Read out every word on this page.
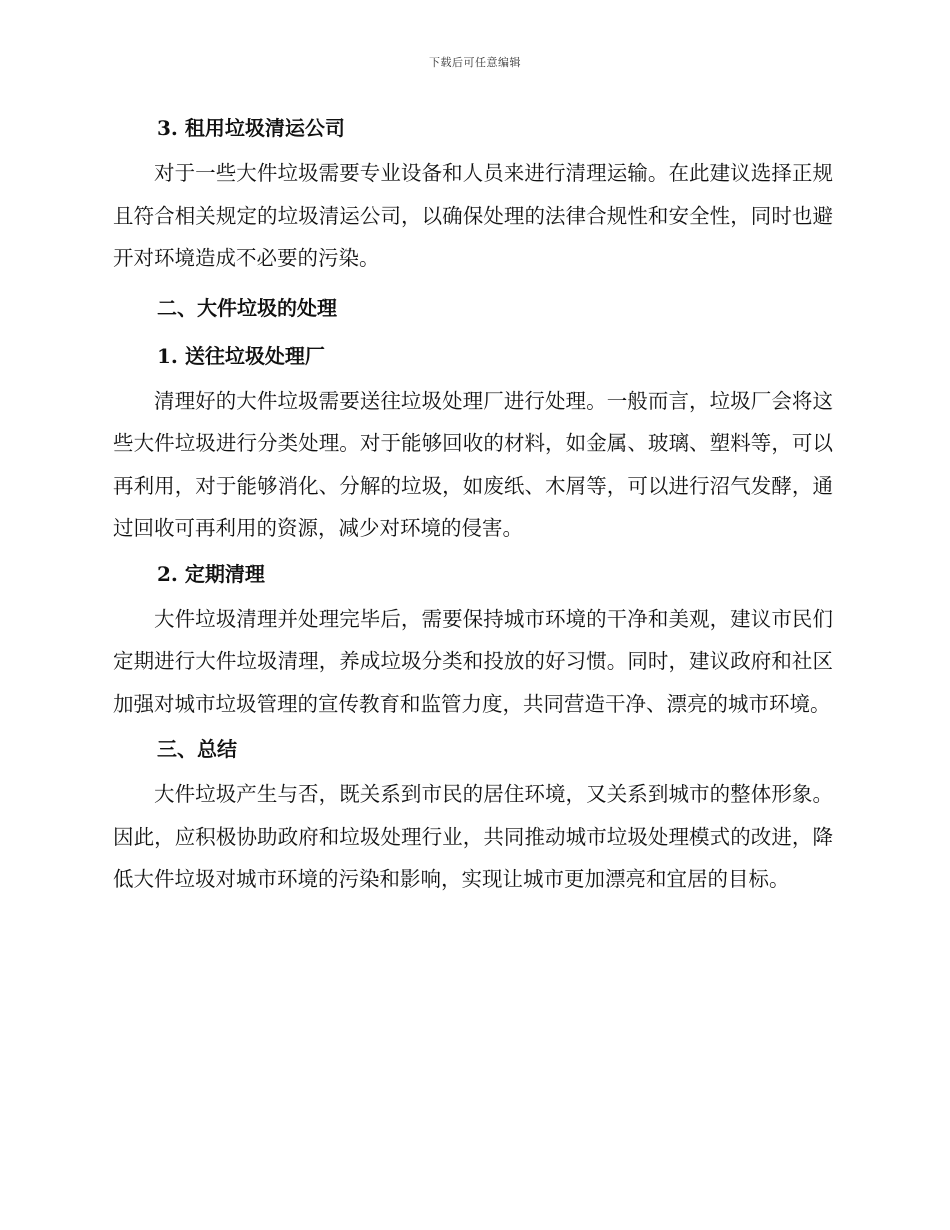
下载后可任意编辑
3. 租用垃圾清运公司

对于一些大件垃圾需要专业设备和人员来进行清理运输。在此建议选择正规且符合相关规定的垃圾清运公司，以确保处理的法律合规性和安全性，同时也避开对环境造成不必要的污染。

二、大件垃圾的处理
1. 送往垃圾处理厂

清理好的大件垃圾需要送往垃圾处理厂进行处理。一般而言，垃圾厂会将这些大件垃圾进行分类处理。对于能够回收的材料，如金属、玻璃、塑料等，可以再利用，对于能够消化、分解的垃圾，如废纸、木屑等，可以进行沼气发酵，通过回收可再利用的资源，减少对环境的侵害。

2. 定期清理

大件垃圾清理并处理完毕后，需要保持城市环境的干净和美观，建议市民们定期进行大件垃圾清理，养成垃圾分类和投放的好习惯。同时，建议政府和社区加强对城市垃圾管理的宣传教育和监管力度，共同营造干净、漂亮的城市环境。

三、总结

大件垃圾产生与否，既关系到市民的居住环境，又关系到城市的整体形象。因此，应积极协助政府和垃圾处理行业，共同推动城市垃圾处理模式的改进，降低大件垃圾对城市环境的污染和影响，实现让城市更加漂亮和宜居的目标。
